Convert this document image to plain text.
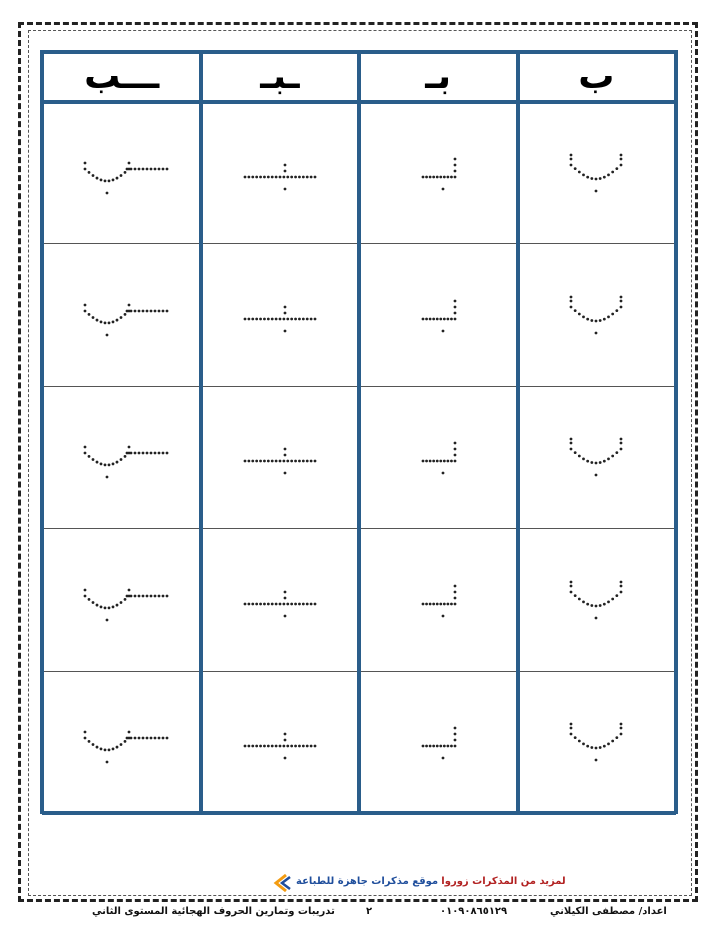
ـــب	ـبـ	بـ	ب

لمزيد من المذكرات زوروا موقع مذكرات جاهزة للطباعة
اعداد/ مصطفى الكيلاني
٠١٠٩٠٨٦٥١٢٩
٢
تدريبات وتمارين الحروف الهجائية المستوى الثاني
